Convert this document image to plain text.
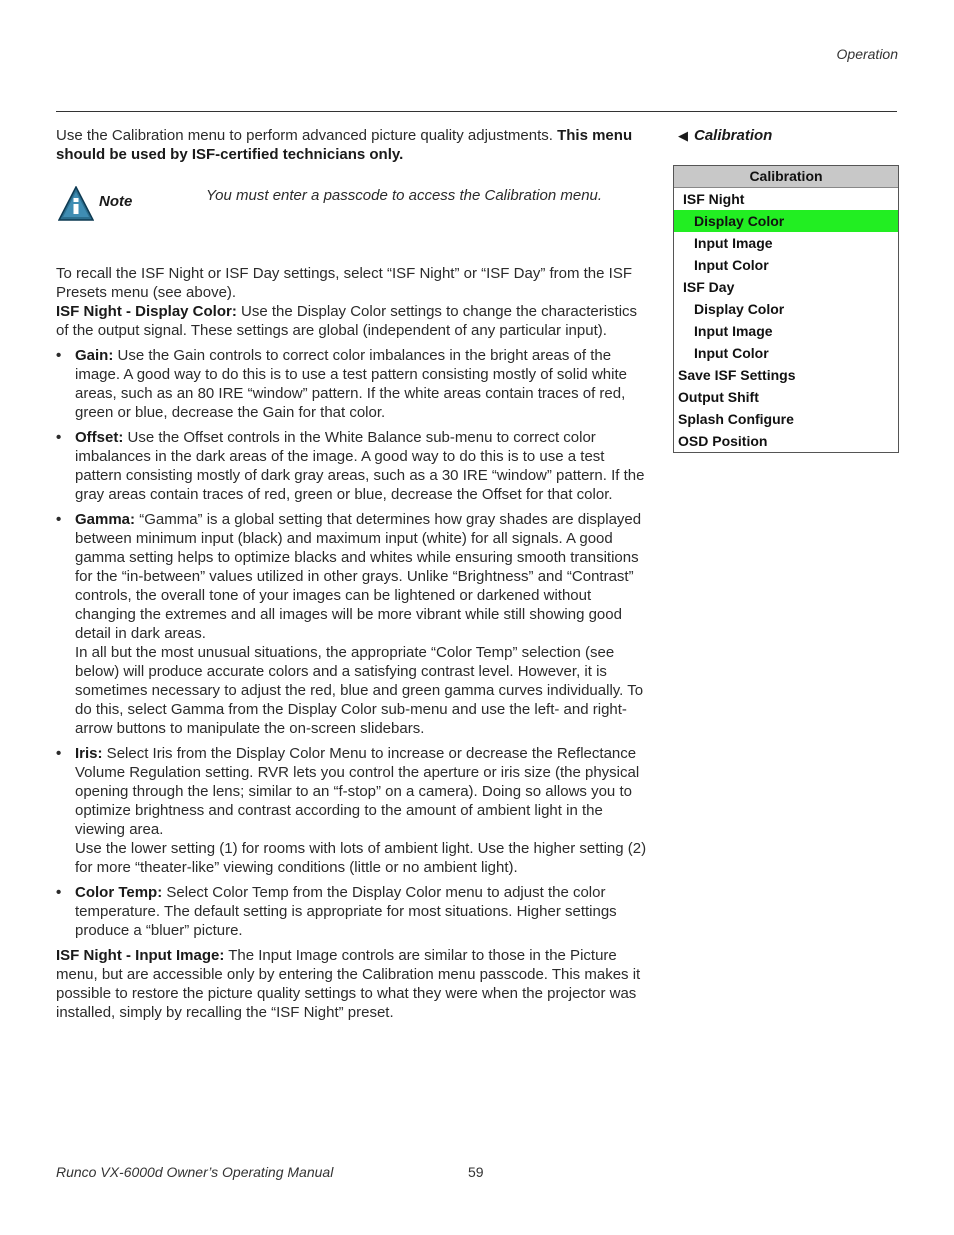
Operation

Use the Calibration menu to perform advanced picture quality adjustments. This menu should be used by ISF-certified technicians only.

Note	You must enter a passcode to access the Calibration menu.

To recall the ISF Night or ISF Day settings, select “ISF Night” or “ISF Day” from the ISF Presets menu (see above).

ISF Night - Display Color: Use the Display Color settings to change the characteristics of the output signal. These settings are global (independent of any particular input).

• Gain: Use the Gain controls to correct color imbalances in the bright areas of the image. A good way to do this is to use a test pattern consisting mostly of solid white areas, such as an 80 IRE “window” pattern. If the white areas contain traces of red, green or blue, decrease the Gain for that color.
• Offset: Use the Offset controls in the White Balance sub-menu to correct color imbalances in the dark areas of the image. A good way to do this is to use a test pattern consisting mostly of dark gray areas, such as a 30 IRE “window” pattern. If the gray areas contain traces of red, green or blue, decrease the Offset for that color.
• Gamma: “Gamma” is a global setting that determines how gray shades are displayed between minimum input (black) and maximum input (white) for all signals. A good gamma setting helps to optimize blacks and whites while ensuring smooth transitions for the “in-between” values utilized in other grays. Unlike “Brightness” and “Contrast” controls, the overall tone of your images can be lightened or darkened without changing the extremes and all images will be more vibrant while still showing good detail in dark areas.

In all but the most unusual situations, the appropriate “Color Temp” selection (see below) will produce accurate colors and a satisfying contrast level. However, it is sometimes necessary to adjust the red, blue and green gamma curves individually. To do this, select Gamma from the Display Color sub-menu and use the left- and right-arrow buttons to manipulate the on-screen slidebars.

• Iris: Select Iris from the Display Color Menu to increase or decrease the Reflectance Volume Regulation setting. RVR lets you control the aperture or iris size (the physical opening through the lens; similar to an “f-stop” on a camera). Doing so allows you to optimize brightness and contrast according to the amount of ambient light in the viewing area.

Use the lower setting (1) for rooms with lots of ambient light. Use the higher setting (2) for more “theater-like” viewing conditions (little or no ambient light).

• Color Temp: Select Color Temp from the Display Color menu to adjust the color temperature. The default setting is appropriate for most situations. Higher settings produce a “bluer” picture.

ISF Night - Input Image: The Input Image controls are similar to those in the Picture menu, but are accessible only by entering the Calibration menu passcode. This makes it possible to restore the picture quality settings to what they were when the projector was installed, simply by recalling the “ISF Night” preset.

◀ Calibration
Calibration
ISF Night
Display Color
Input Image
Input Color
ISF Day
Display Color
Input Image
Input Color
Save ISF Settings
Output Shift
Splash Configure
OSD Position
Runco VX-6000d Owner’s Operating Manual	59
